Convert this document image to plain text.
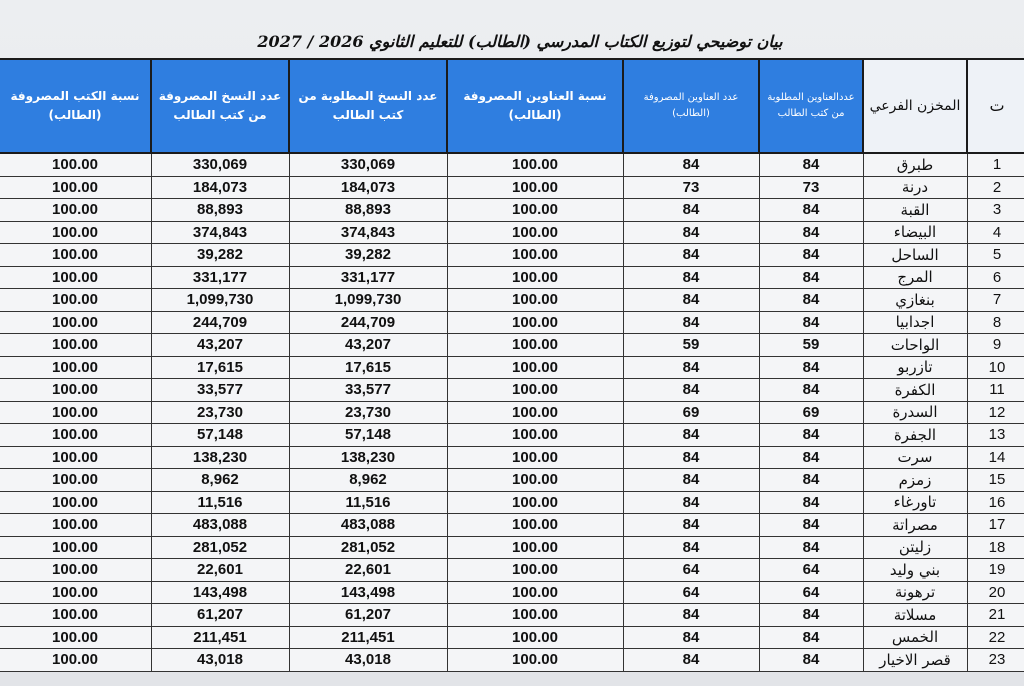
بيان توضيحي لتوزيع الكتاب المدرسي (الطالب) للتعليم الثانوي 2026 / 2027
ت	المخزن الفرعي	عددالعناوين المطلوبة من كتب الطالب	عدد العناوين المصروفة (الطالب)	نسبة العناوين المصروفة (الطالب)	عدد النسخ المطلوبة من كتب الطالب	عدد النسخ المصروفة من كتب الطالب	نسبة الكتب المصروفة (الطالب)
1	طبرق	84	84	100.00	330,069	330,069	100.00
2	درنة	73	73	100.00	184,073	184,073	100.00
3	القبة	84	84	100.00	88,893	88,893	100.00
4	البيضاء	84	84	100.00	374,843	374,843	100.00
5	الساحل	84	84	100.00	39,282	39,282	100.00
6	المرج	84	84	100.00	331,177	331,177	100.00
7	بنغازي	84	84	100.00	1,099,730	1,099,730	100.00
8	اجدابيا	84	84	100.00	244,709	244,709	100.00
9	الواحات	59	59	100.00	43,207	43,207	100.00
10	تازربو	84	84	100.00	17,615	17,615	100.00
11	الكفرة	84	84	100.00	33,577	33,577	100.00
12	السدرة	69	69	100.00	23,730	23,730	100.00
13	الجفرة	84	84	100.00	57,148	57,148	100.00
14	سرت	84	84	100.00	138,230	138,230	100.00
15	زمزم	84	84	100.00	8,962	8,962	100.00
16	تاورغاء	84	84	100.00	11,516	11,516	100.00
17	مصراتة	84	84	100.00	483,088	483,088	100.00
18	زليتن	84	84	100.00	281,052	281,052	100.00
19	بني وليد	64	64	100.00	22,601	22,601	100.00
20	ترهونة	64	64	100.00	143,498	143,498	100.00
21	مسلاتة	84	84	100.00	61,207	61,207	100.00
22	الخمس	84	84	100.00	211,451	211,451	100.00
23	قصر الاخيار	84	84	100.00	43,018	43,018	100.00
